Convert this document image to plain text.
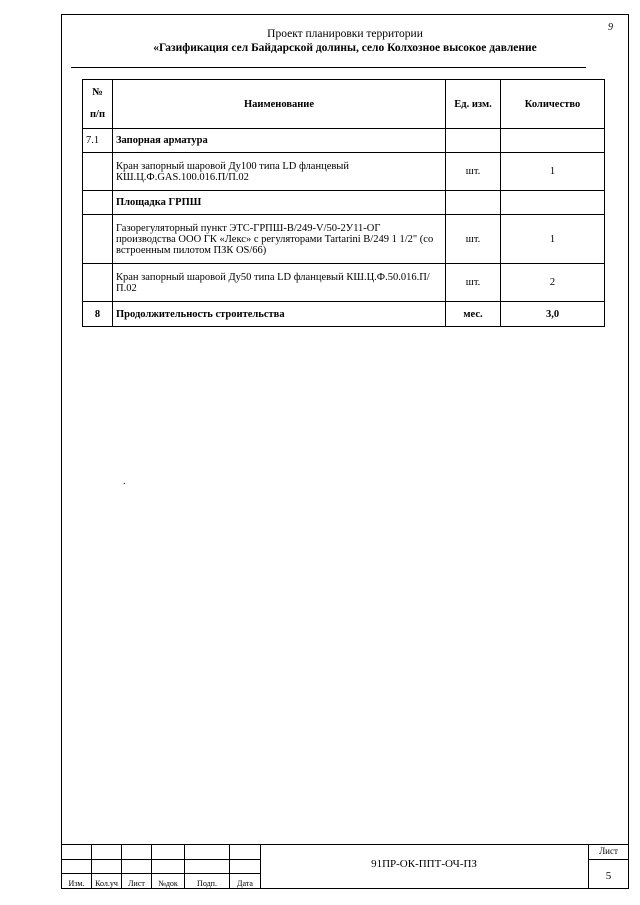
9
Проект планировки территории
«Газификация сел Байдарской долины, село Колхозное высокое давление
№
п/п	Наименование	Ед. изм.	Количество
7.1	Запорная арматура		
	Кран запорный шаровой Ду100 типа LD фланцевый КШ.Ц.Ф.GAS.100.016.П/П.02	шт.	1
	Площадка ГРПШ		
	Газорегуляторный пункт ЭТС-ГРПШ-В/249-V/50-2У11-ОГ производства ООО ГК «Лекс» с регуляторами Tartarini В/249 1 1/2" (со встроенным пилотом ПЗК OS/66)	шт.	1
	Кран запорный шаровой Ду50 типа LD фланцевый КШ.Ц.Ф.50.016.П/П.02	шт.	2
8	Продолжительность строительства	мес.	3,0
.

Изм.	Кол.уч	Лист	№док	Подп.	Дата
91ПР-ОК-ППТ-ОЧ-ПЗ
Лист
5
